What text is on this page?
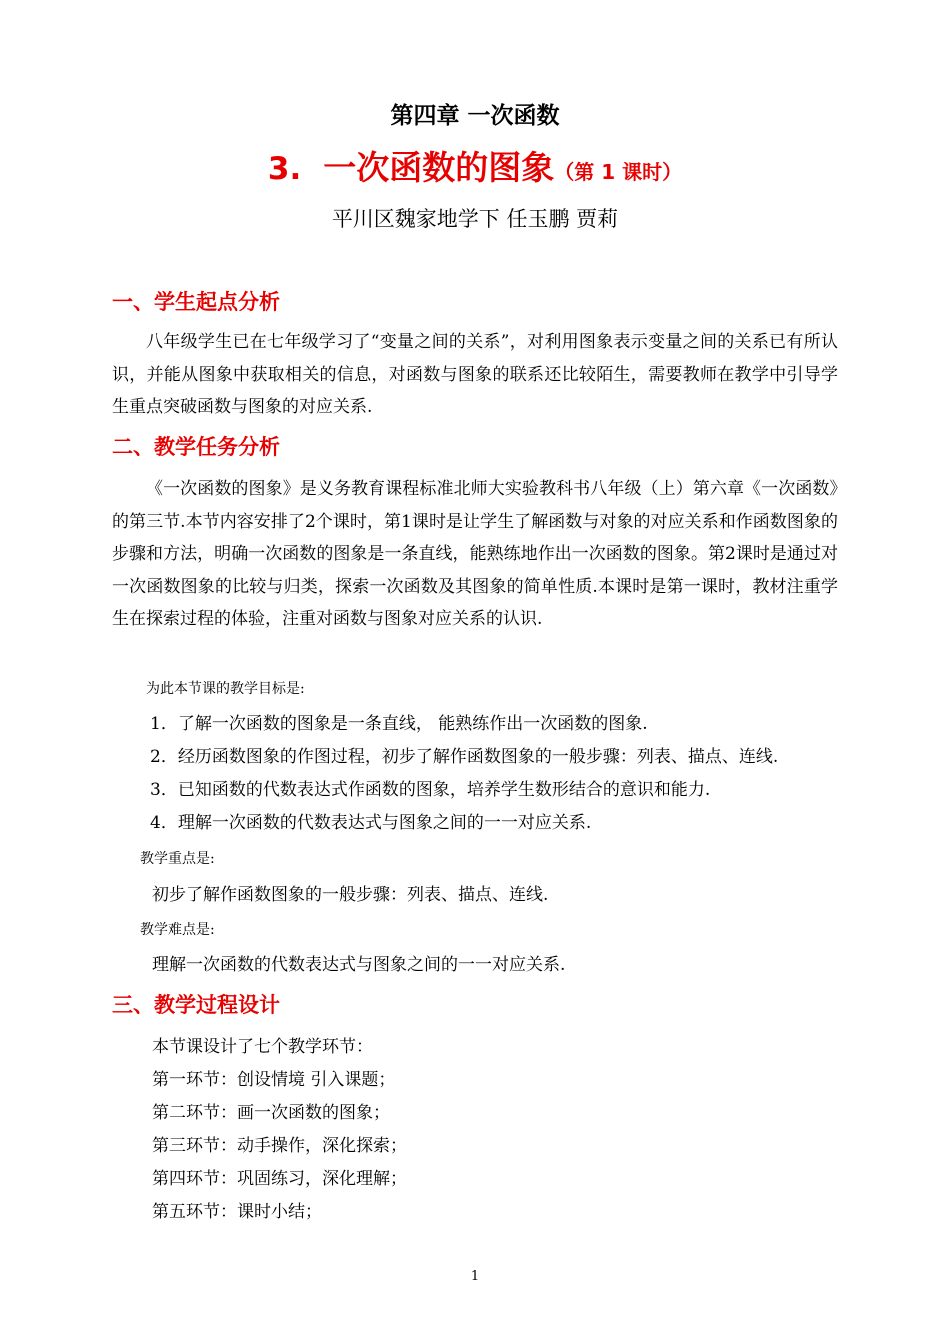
第四章 一次函数
3. 一次函数的图象（第 1 课时）
平川区魏家地学下 任玉鹏 贾莉
一、学生起点分析
八年级学生已在七年级学习了“变量之间的关系”，对利用图象表示变量之间的关系已有所认识，并能从图象中获取相关的信息，对函数与图象的联系还比较陌生，需要教师在教学中引导学生重点突破函数与图象的对应关系.
二、教学任务分析
《一次函数的图象》是义务教育课程标准北师大实验教科书八年级（上）第六章《一次函数》的第三节.本节内容安排了2个课时，第1课时是让学生了解函数与对象的对应关系和作函数图象的步骤和方法，明确一次函数的图象是一条直线，能熟练地作出一次函数的图象。第2课时是通过对一次函数图象的比较与归类，探索一次函数及其图象的简单性质.本课时是第一课时，教材注重学生在探索过程的体验，注重对函数与图象对应关系的认识.
为此本节课的教学目标是:
1．了解一次函数的图象是一条直线， 能熟练作出一次函数的图象.
2．经历函数图象的作图过程，初步了解作函数图象的一般步骤：列表、描点、连线.
3．已知函数的代数表达式作函数的图象，培养学生数形结合的意识和能力.
4．理解一次函数的代数表达式与图象之间的一一对应关系.
教学重点是:
初步了解作函数图象的一般步骤：列表、描点、连线.
教学难点是:
理解一次函数的代数表达式与图象之间的一一对应关系.
三、教学过程设计
本节课设计了七个教学环节：
第一环节：创设情境 引入课题；
第二环节：画一次函数的图象；
第三环节：动手操作，深化探索；
第四环节：巩固练习，深化理解；
第五环节：课时小结；
1
